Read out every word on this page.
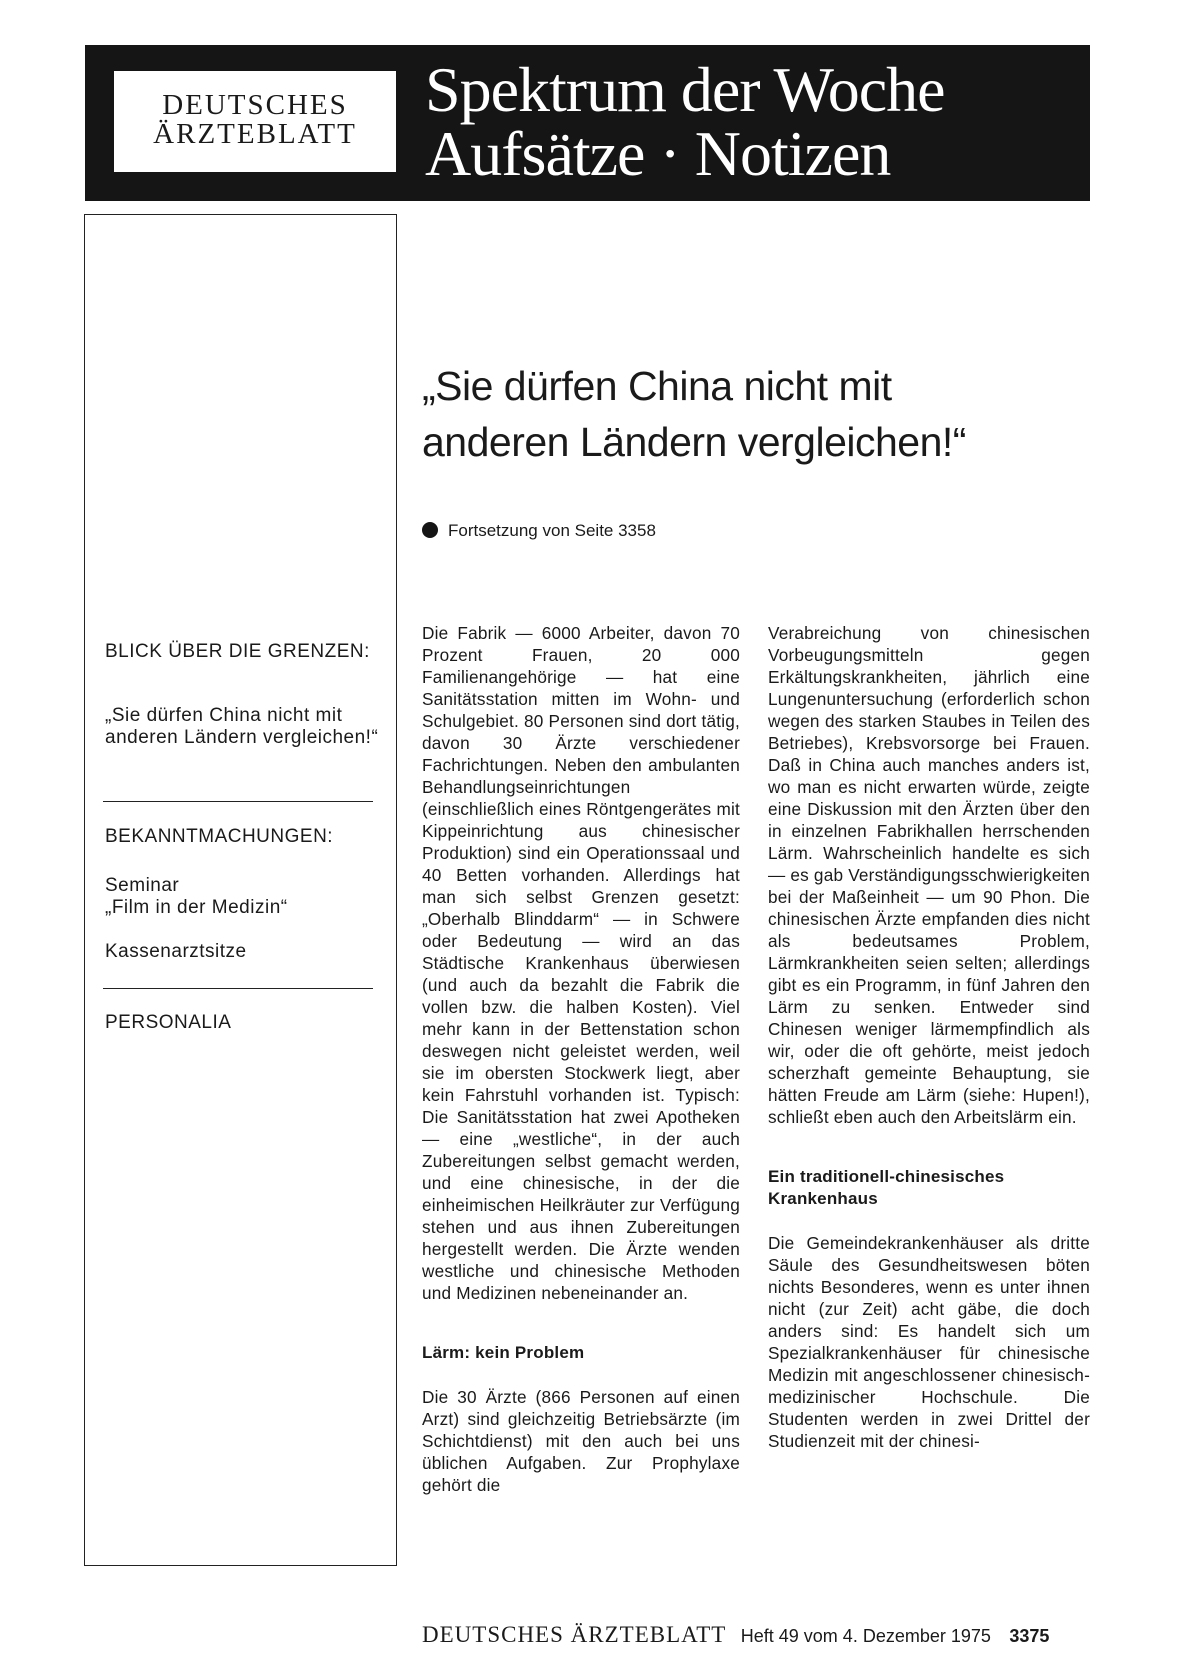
DEUTSCHES
ÄRZTEBLATT
Spektrum der Woche
Aufsätze · Notizen
BLICK ÜBER DIE GRENZEN:
„Sie dürfen China nicht mit anderen Ländern vergleichen!“
BEKANNTMACHUNGEN:
Seminar
„Film in der Medizin“
Kassenarztsitze
PERSONALIA
„Sie dürfen China nicht mit
anderen Ländern vergleichen!“
Fortsetzung von Seite 3358

Die Fabrik — 6000 Arbeiter, davon 70 Prozent Frauen, 20 000 Familienangehörige — hat eine Sanitätsstation mitten im Wohn- und Schulgebiet. 80 Personen sind dort tätig, davon 30 Ärzte verschiedener Fachrichtungen. Neben den ambulanten Behandlungseinrichtungen (einschließlich eines Röntgengerätes mit Kippeinrichtung aus chinesischer Produktion) sind ein Operationssaal und 40 Betten vorhanden. Allerdings hat man sich selbst Grenzen gesetzt: „Oberhalb Blinddarm“ — in Schwere oder Bedeutung — wird an das Städtische Krankenhaus überwiesen (und auch da bezahlt die Fabrik die vollen bzw. die halben Kosten). Viel mehr kann in der Bettenstation schon deswegen nicht geleistet werden, weil sie im obersten Stockwerk liegt, aber kein Fahrstuhl vorhanden ist. Typisch: Die Sanitätsstation hat zwei Apotheken — eine „westliche“, in der auch Zubereitungen selbst gemacht werden, und eine chinesische, in der die einheimischen Heilkräuter zur Verfügung stehen und aus ihnen Zubereitungen hergestellt werden. Die Ärzte wenden westliche und chinesische Methoden und Medizinen nebeneinander an.

Lärm: kein Problem

Die 30 Ärzte (866 Personen auf einen Arzt) sind gleichzeitig Betriebsärzte (im Schichtdienst) mit den auch bei uns üblichen Aufgaben. Zur Prophylaxe gehört die

Verabreichung von chinesischen Vorbeugungsmitteln gegen Erkältungskrankheiten, jährlich eine Lungenuntersuchung (erforderlich schon wegen des starken Staubes in Teilen des Betriebes), Krebsvorsorge bei Frauen. Daß in China auch manches anders ist, wo man es nicht erwarten würde, zeigte eine Diskussion mit den Ärzten über den in einzelnen Fabrikhallen herrschenden Lärm. Wahrscheinlich handelte es sich — es gab Verständigungsschwierigkeiten bei der Maßeinheit — um 90 Phon. Die chinesischen Ärzte empfanden dies nicht als bedeutsames Problem, Lärmkrankheiten seien selten; allerdings gibt es ein Programm, in fünf Jahren den Lärm zu senken. Entweder sind Chinesen weniger lärmempfindlich als wir, oder die oft gehörte, meist jedoch scherzhaft gemeinte Behauptung, sie hätten Freude am Lärm (siehe: Hupen!), schließt eben auch den Arbeitslärm ein.

Ein traditionell-chinesisches Krankenhaus

Die Gemeindekrankenhäuser als dritte Säule des Gesundheitswesen böten nichts Besonderes, wenn es unter ihnen nicht (zur Zeit) acht gäbe, die doch anders sind: Es handelt sich um Spezialkrankenhäuser für chinesische Medizin mit angeschlossener chinesisch-medizinischer Hochschule. Die Studenten werden in zwei Drittel der Studienzeit mit der chinesi-

DEUTSCHES ÄRZTEBLATT Heft 49 vom 4. Dezember 1975 3375
